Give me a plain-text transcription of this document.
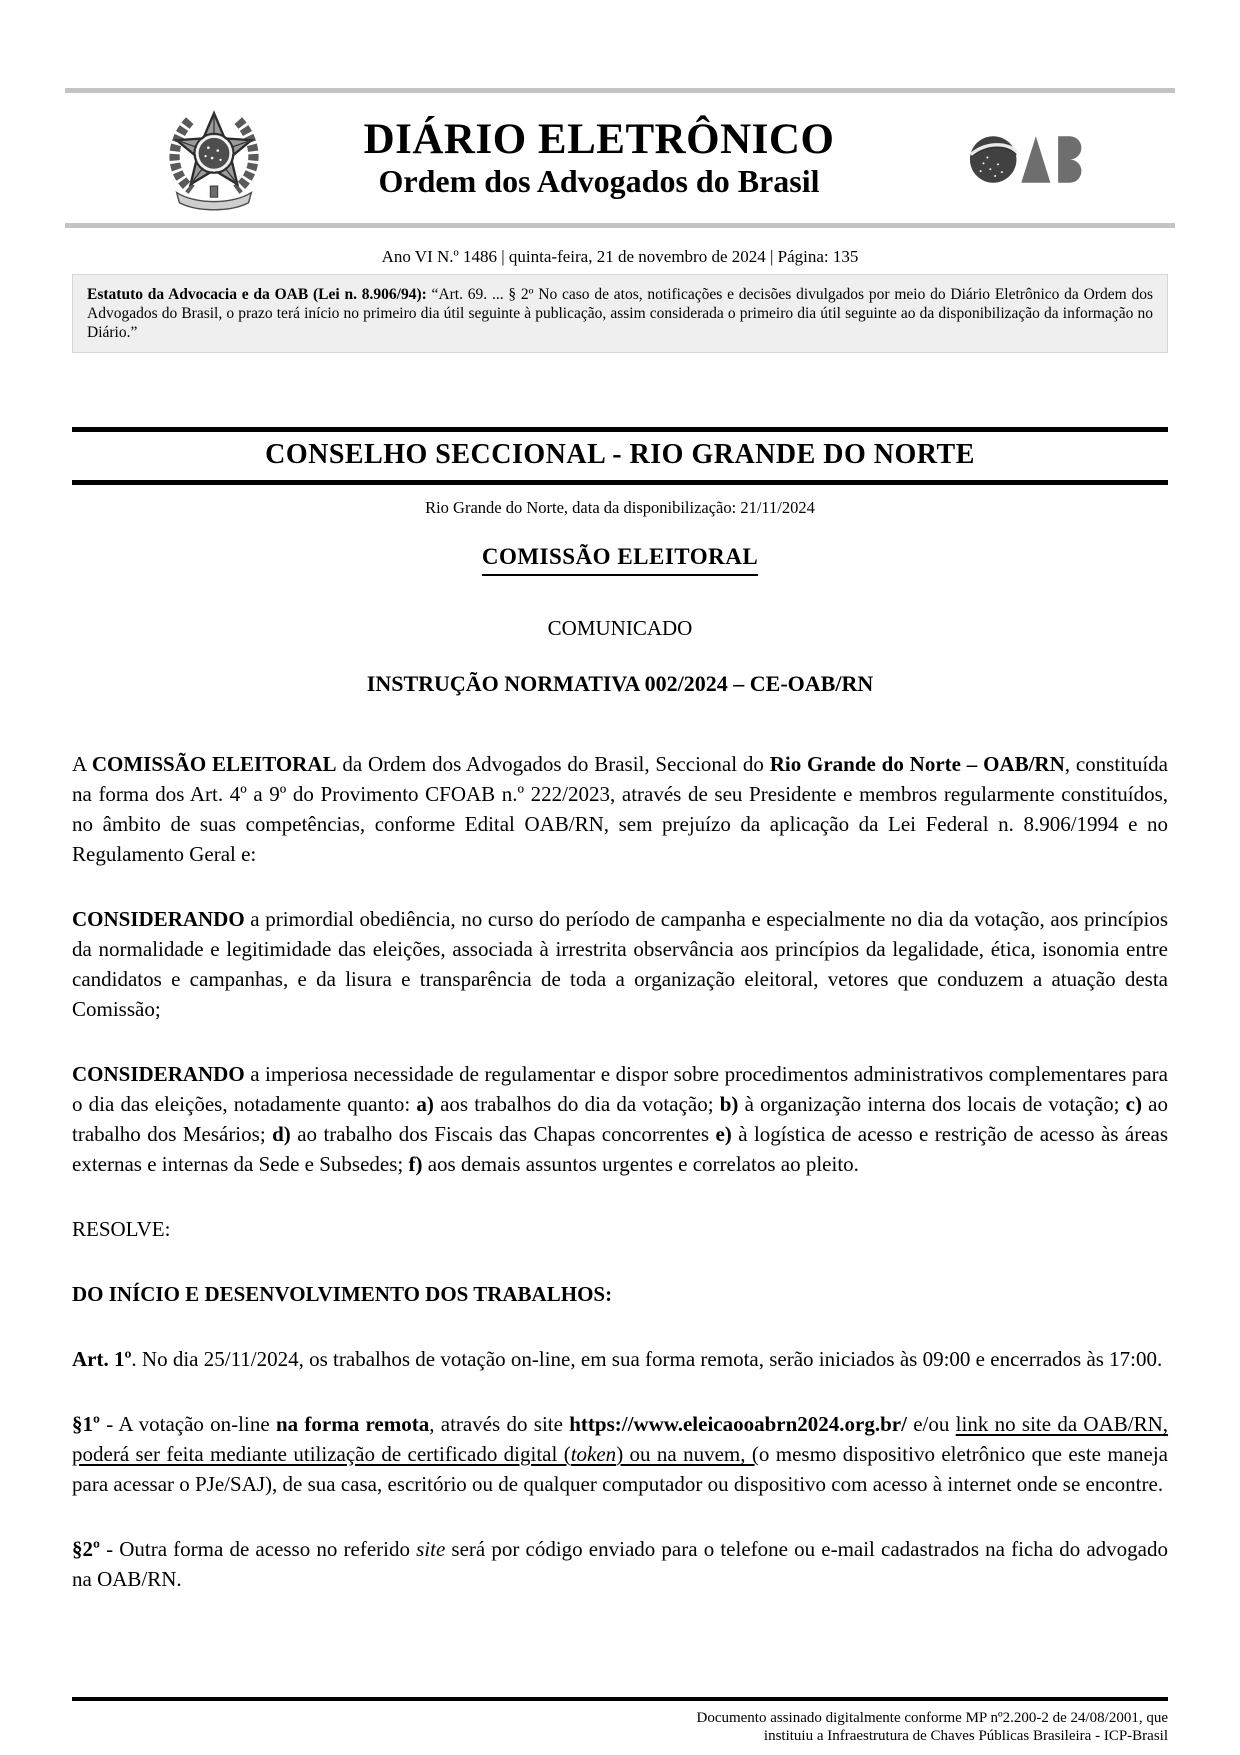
DIÁRIO ELETRÔNICO
Ordem dos Advogados do Brasil
Ano VI N.º 1486 | quinta-feira, 21 de novembro de 2024 | Página: 135
Estatuto da Advocacia e da OAB (Lei n. 8.906/94): “Art. 69. ... § 2º No caso de atos, notificações e decisões divulgados por meio do Diário Eletrônico da Ordem dos Advogados do Brasil, o prazo terá início no primeiro dia útil seguinte à publicação, assim considerada o primeiro dia útil seguinte ao da disponibilização da informação no Diário.”
CONSELHO SECCIONAL - RIO GRANDE DO NORTE
Rio Grande do Norte, data da disponibilização: 21/11/2024
COMISSÃO ELEITORAL
COMUNICADO
INSTRUÇÃO NORMATIVA 002/2024 – CE-OAB/RN

A COMISSÃO ELEITORAL da Ordem dos Advogados do Brasil, Seccional do Rio Grande do Norte – OAB/RN, constituída na forma dos Art. 4º a 9º do Provimento CFOAB n.º 222/2023, através de seu Presidente e membros regularmente constituídos, no âmbito de suas competências, conforme Edital OAB/RN, sem prejuízo da aplicação da Lei Federal n. 8.906/1994 e no Regulamento Geral e:

CONSIDERANDO a primordial obediência, no curso do período de campanha e especialmente no dia da votação, aos princípios da normalidade e legitimidade das eleições, associada à irrestrita observância aos princípios da legalidade, ética, isonomia entre candidatos e campanhas, e da lisura e transparência de toda a organização eleitoral, vetores que conduzem a atuação desta Comissão;

CONSIDERANDO a imperiosa necessidade de regulamentar e dispor sobre procedimentos administrativos complementares para o dia das eleições, notadamente quanto: a) aos trabalhos do dia da votação; b) à organização interna dos locais de votação; c) ao trabalho dos Mesários; d) ao trabalho dos Fiscais das Chapas concorrentes e) à logística de acesso e restrição de acesso às áreas externas e internas da Sede e Subsedes; f) aos demais assuntos urgentes e correlatos ao pleito.

RESOLVE:

DO INÍCIO E DESENVOLVIMENTO DOS TRABALHOS:

Art. 1º. No dia 25/11/2024, os trabalhos de votação on-line, em sua forma remota, serão iniciados às 09:00 e encerrados às 17:00.

§1º - A votação on-line na forma remota, através do site https://www.eleicaooabrn2024.org.br/ e/ou link no site da OAB/RN, poderá ser feita mediante utilização de certificado digital (token) ou na nuvem, (o mesmo dispositivo eletrônico que este maneja para acessar o PJe/SAJ), de sua casa, escritório ou de qualquer computador ou dispositivo com acesso à internet onde se encontre.

§2º - Outra forma de acesso no referido site será por código enviado para o telefone ou e-mail cadastrados na ficha do advogado na OAB/RN.

Documento assinado digitalmente conforme MP nº2.200-2 de 24/08/2001, que
instituiu a Infraestrutura de Chaves Públicas Brasileira - ICP-Brasil
